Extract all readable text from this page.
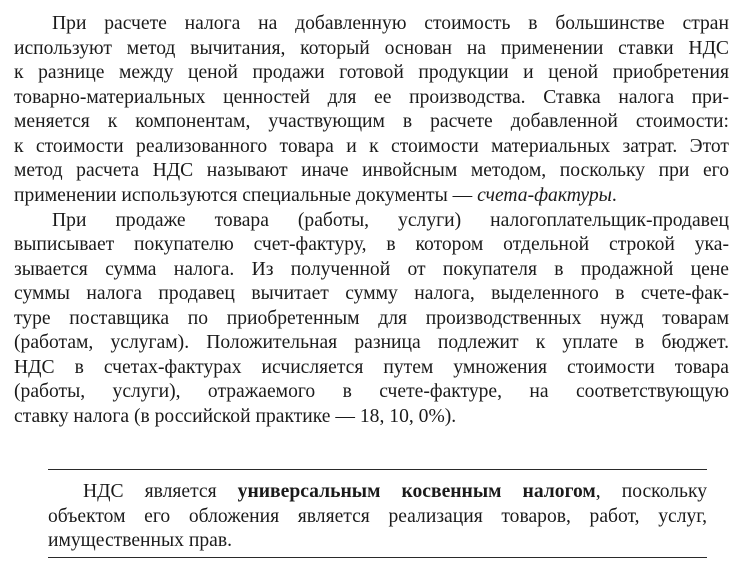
При расчете налога на добавленную стоимость в большинстве стран
используют метод вычитания, который основан на применении ставки НДС
к разнице между ценой продажи готовой продукции и ценой приобретения
товарно-материальных ценностей для ее производства. Ставка налога при-
меняется к компонентам, участвующим в расчете добавленной стоимости:
к стоимости реализованного товара и к стоимости материальных затрат. Этот
метод расчета НДС называют иначе инвойсным методом, поскольку при его
применении используются специальные документы — счета-фактуры.
При продаже товара (работы, услуги) налогоплательщик-продавец
выписывает покупателю счет-фактуру, в котором отдельной строкой ука-
зывается сумма налога. Из полученной от покупателя в продажной цене
суммы налога продавец вычитает сумму налога, выделенного в счете-фак-
туре поставщика по приобретенным для производственных нужд товарам
(работам, услугам). Положительная разница подлежит к уплате в бюджет.
НДС в счетах-фактурах исчисляется путем умножения стоимости товара
(работы, услуги), отражаемого в счете-фактуре, на соответствующую
ставку налога (в российской практике — 18, 10, 0%).
НДС является универсальным косвенным налогом, поскольку
объектом его обложения является реализация товаров, работ, услуг,
имущественных прав.
